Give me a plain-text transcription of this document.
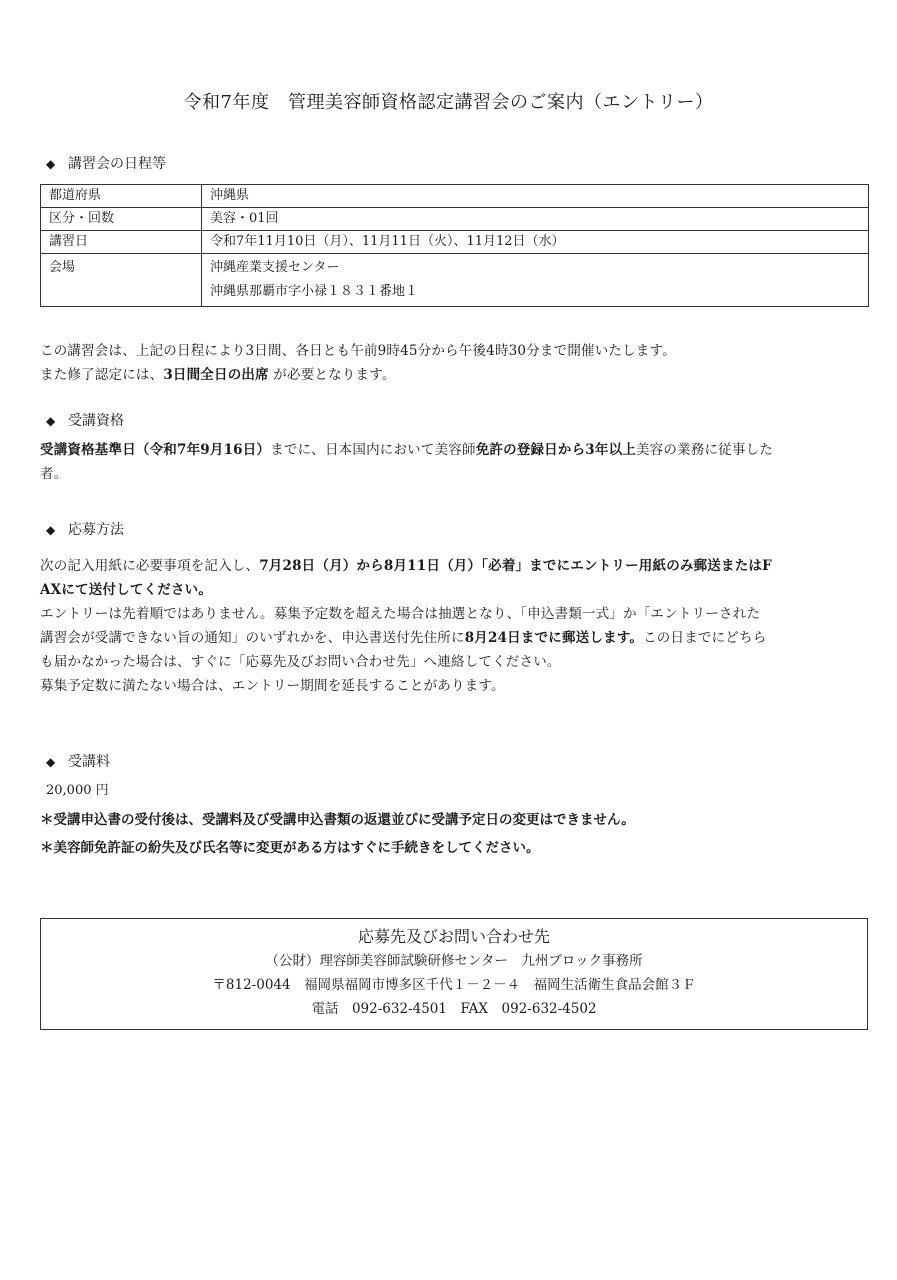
令和7年度　管理美容師資格認定講習会のご案内（エントリー）
◆ 講習会の日程等
都道府県	沖縄県
区分・回数	美容・01回
講習日	令和7年11月10日（月）、11月11日（火）、11月12日（水）
会場	沖縄産業支援センター
沖縄県那覇市字小禄１８３１番地１

この講習会は、上記の日程により3日間、各日とも午前9時45分から午後4時30分まで開催いたします。

また修了認定には、3日間全日の出席 が必要となります。

◆ 受講資格

受講資格基準日（令和7年9月16日）までに、日本国内において美容師免許の登録日から3年以上美容の業務に従事した

者。

◆ 応募方法

次の記入用紙に必要事項を記入し、7月28日（月）から8月11日（月）「必着」までにエントリー用紙のみ郵送またはF

AXにて送付してください。

エントリーは先着順ではありません。募集予定数を超えた場合は抽選となり、「申込書類一式」か「エントリーされた

講習会が受講できない旨の通知」のいずれかを、申込書送付先住所に8月24日までに郵送します。この日までにどちら

も届かなかった場合は、すぐに「応募先及びお問い合わせ先」へ連絡してください。

募集予定数に満たない場合は、エントリー期間を延長することがあります。

◆ 受講料
20,000 円

＊受講申込書の受付後は、受講料及び受講申込書類の返還並びに受講予定日の変更はできません。

＊美容師免許証の紛失及び氏名等に変更がある方はすぐに手続きをしてください。

応募先及びお問い合わせ先
（公財）理容師美容師試験研修センター　九州ブロック事務所
〒812-0044　福岡県福岡市博多区千代１－２－４　福岡生活衛生食品会館３Ｆ
電話　092-632-4501　FAX　092-632-4502
